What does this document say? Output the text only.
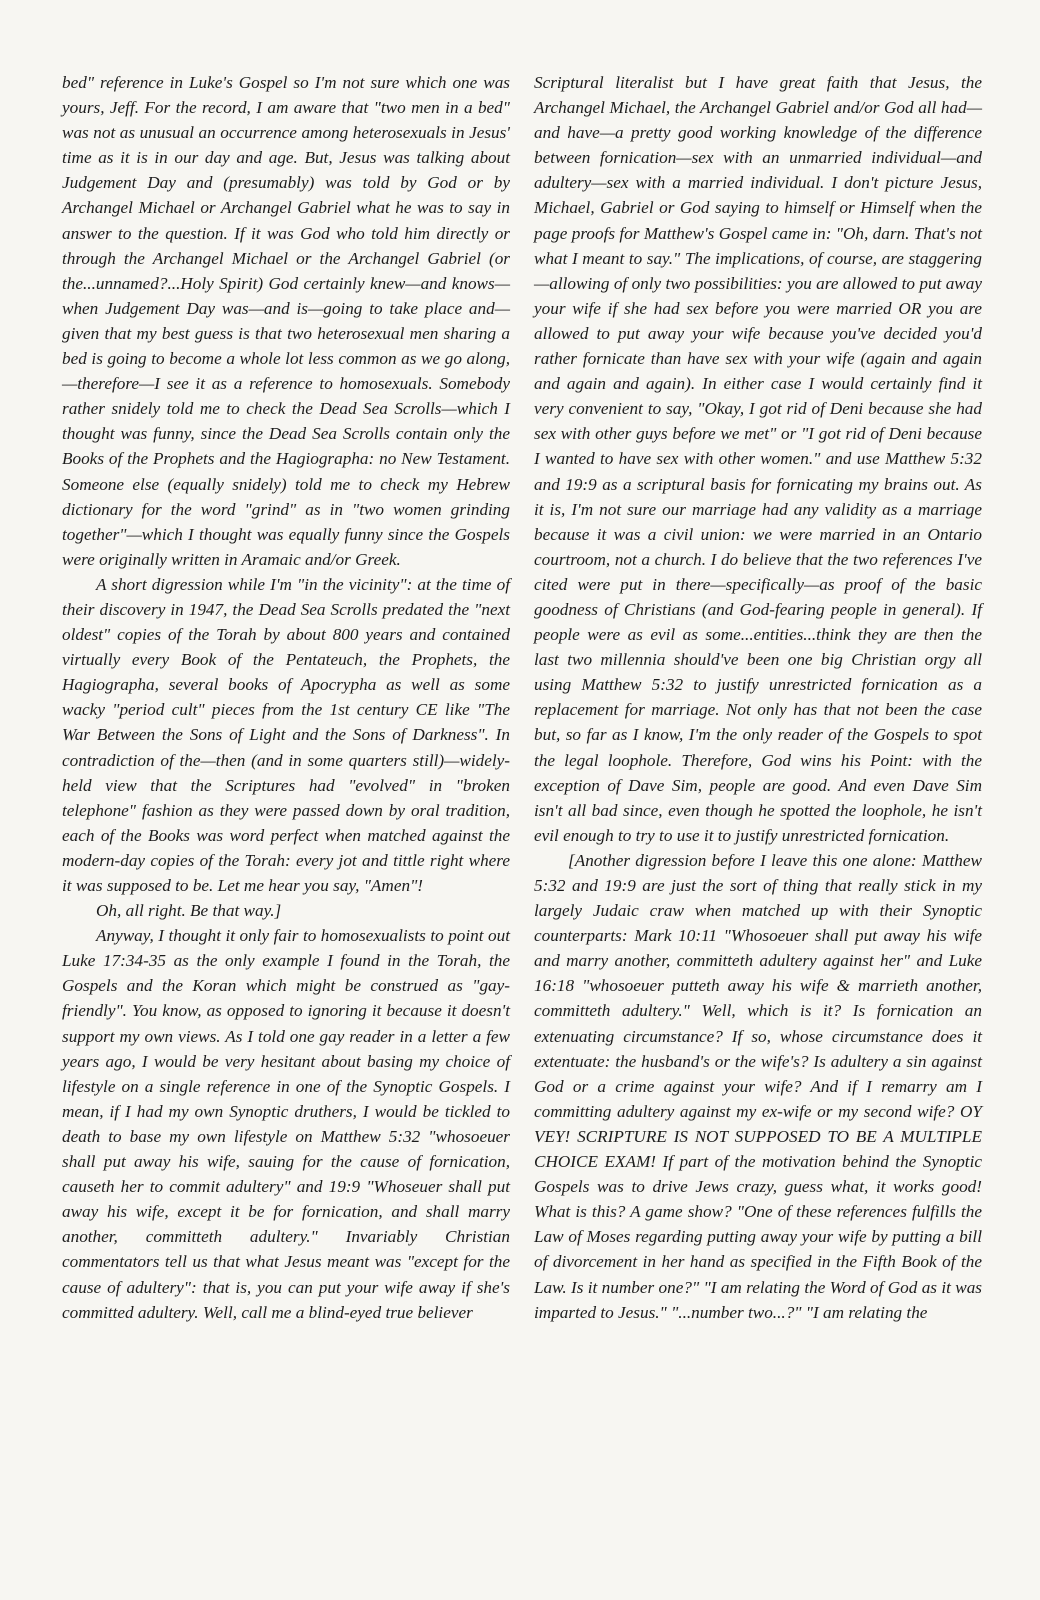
bed" reference in Luke's Gospel so I'm not sure which one was yours, Jeff. For the record, I am aware that "two men in a bed" was not as unusual an occurrence among heterosexuals in Jesus' time as it is in our day and age. But, Jesus was talking about Judgement Day and (presumably) was told by God or by Archangel Michael or Archangel Gabriel what he was to say in answer to the question. If it was God who told him directly or through the Archangel Michael or the Archangel Gabriel (or the...unnamed?...Holy Spirit) God certainly knew—and knows—when Judgement Day was—and is—going to take place and—given that my best guess is that two heterosexual men sharing a bed is going to become a whole lot less common as we go along,—therefore—I see it as a reference to homosexuals. Somebody rather snidely told me to check the Dead Sea Scrolls—which I thought was funny, since the Dead Sea Scrolls contain only the Books of the Prophets and the Hagiographa: no New Testament. Someone else (equally snidely) told me to check my Hebrew dictionary for the word "grind" as in "two women grinding together"—which I thought was equally funny since the Gospels were originally written in Aramaic and/or Greek.

A short digression while I'm "in the vicinity": at the time of their discovery in 1947, the Dead Sea Scrolls predated the "next oldest" copies of the Torah by about 800 years and contained virtually every Book of the Pentateuch, the Prophets, the Hagiographa, several books of Apocrypha as well as some wacky "period cult" pieces from the 1st century CE like "The War Between the Sons of Light and the Sons of Darkness". In contradiction of the—then (and in some quarters still)—widely-held view that the Scriptures had "evolved" in "broken telephone" fashion as they were passed down by oral tradition, each of the Books was word perfect when matched against the modern-day copies of the Torah: every jot and tittle right where it was supposed to be. Let me hear you say, "Amen"!

Oh, all right. Be that way.]

Anyway, I thought it only fair to homosexualists to point out Luke 17:34-35 as the only example I found in the Torah, the Gospels and the Koran which might be construed as "gay-friendly". You know, as opposed to ignoring it because it doesn't support my own views. As I told one gay reader in a letter a few years ago, I would be very hesitant about basing my choice of lifestyle on a single reference in one of the Synoptic Gospels. I mean, if I had my own Synoptic druthers, I would be tickled to death to base my own lifestyle on Matthew 5:32 "whosoeuer shall put away his wife, sauing for the cause of fornication, causeth her to commit adultery" and 19:9 "Whoseuer shall put away his wife, except it be for fornication, and shall marry another, committeth adultery." Invariably Christian commentators tell us that what Jesus meant was "except for the cause of adultery": that is, you can put your wife away if she's committed adultery. Well, call me a blind-eyed true believer

Scriptural literalist but I have great faith that Jesus, the Archangel Michael, the Archangel Gabriel and/or God all had—and have—a pretty good working knowledge of the difference between fornication—sex with an unmarried individual—and adultery—sex with a married individual. I don't picture Jesus, Michael, Gabriel or God saying to himself or Himself when the page proofs for Matthew's Gospel came in: "Oh, darn. That's not what I meant to say." The implications, of course, are staggering—allowing of only two possibilities: you are allowed to put away your wife if she had sex before you were married OR you are allowed to put away your wife because you've decided you'd rather fornicate than have sex with your wife (again and again and again and again). In either case I would certainly find it very convenient to say, "Okay, I got rid of Deni because she had sex with other guys before we met" or "I got rid of Deni because I wanted to have sex with other women." and use Matthew 5:32 and 19:9 as a scriptural basis for fornicating my brains out. As it is, I'm not sure our marriage had any validity as a marriage because it was a civil union: we were married in an Ontario courtroom, not a church. I do believe that the two references I've cited were put in there—specifically—as proof of the basic goodness of Christians (and God-fearing people in general). If people were as evil as some...entities...think they are then the last two millennia should've been one big Christian orgy all using Matthew 5:32 to justify unrestricted fornication as a replacement for marriage. Not only has that not been the case but, so far as I know, I'm the only reader of the Gospels to spot the legal loophole. Therefore, God wins his Point: with the exception of Dave Sim, people are good. And even Dave Sim isn't all bad since, even though he spotted the loophole, he isn't evil enough to try to use it to justify unrestricted fornication.

[Another digression before I leave this one alone: Matthew 5:32 and 19:9 are just the sort of thing that really stick in my largely Judaic craw when matched up with their Synoptic counterparts: Mark 10:11 "Whosoeuer shall put away his wife and marry another, committeth adultery against her" and Luke 16:18 "whosoeuer putteth away his wife & marrieth another, committeth adultery." Well, which is it? Is fornication an extenuating circumstance? If so, whose circumstance does it extentuate: the husband's or the wife's? Is adultery a sin against God or a crime against your wife? And if I remarry am I committing adultery against my ex-wife or my second wife? OY VEY! SCRIPTURE IS NOT SUPPOSED TO BE A MULTIPLE CHOICE EXAM! If part of the motivation behind the Synoptic Gospels was to drive Jews crazy, guess what, it works good! What is this? A game show? "One of these references fulfills the Law of Moses regarding putting away your wife by putting a bill of divorcement in her hand as specified in the Fifth Book of the Law. Is it number one?" "I am relating the Word of God as it was imparted to Jesus." "...number two...?" "I am relating the
